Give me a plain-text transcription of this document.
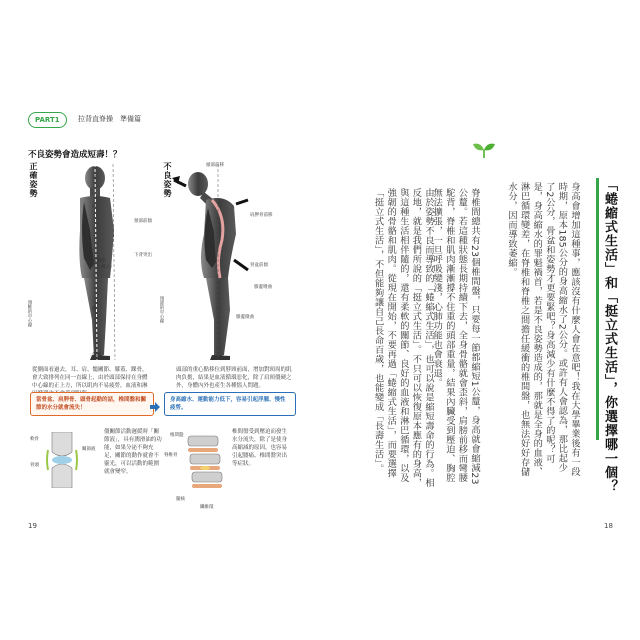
PART1	拉背直脊操　準備篇
不良姿勢會造成短壽！？
正確姿勢	耳
肩
髖關節
（大轉子）
頸椎的中心線	膝
外踝
不良姿勢	頭部前移
頸部前傾
肩胛骨前移
下背突出
骨盆前傾
膝蓋彎曲
頸部的中心線	膝蓋微曲
從側面看過去，耳、肩、髖關節、膝蓋、踝骨，會大致排列在同一直線上，由於頭部保持在身體中心線的正上方，所以肌肉不易疲勞，血液和淋
頭部的重心點移位到脖頸前面，增加對頸周的肌肉負擔，結果是血液循環惡化，除了肩頸僵硬之外，身體內外也產生各種惱人問題。
當骨盆、肩胛骨、頭骨起動的話，椎間盤和關節的水分就會流失！
身高縮水、運動能力低下，容易引起浮腫、慢性疲勞。
軟骨
關節液
骨頭
僵關節活動遲緩時「關節液」，具有潤滑油的功能，如果分泌不夠充足，關節的動作就會不靈光，可以活動的範圍就會變窄。
椎間盤
脊椎骨
髓核
纖維環
椎間盤受到壓迫而發生水分流失，除了是使身高縮減的原因，也容易引起腰痛、椎間盤突出等症狀。
19
「蜷縮式生活」和「挺立式生活」，你選擇哪一個？
身高會增加這種事，應該沒有什麼人會在意吧！我在大學畢業後有一段時期，原本185公分的身高縮水了2公分。或許有人會認為，那比起少了2公分，骨盆和姿勢才更要緊吧？身高減少有什麼不得了的呢？可是，身高縮水的罪魁禍首，若是不良姿勢造成的，那就是全身的血液、淋巴循環變差，在脊椎和脊椎之間擔任緩衝的椎間盤，也無法好好存儲水分，因而導致萎縮。
脊椎間總共有23個椎間盤，只要每一節都縮短1公釐，身高就會縮減23公釐。若這種狀態長期持續下去，全身骨骼就會歪斜，肩膀前移而彎腰駝背，脊椎和肌肉漸漸撐不住重的頭部重量，結果內臟受到壓迫、胸腔無法擴張，一旦呼吸變淺，心肺功能也會衰退。
由於姿勢不良而導致的「蜷縮式生活」，也可以說是縮短壽命的行為。相反地，就是我們所說的「挺立式生活」。不只可以恢復原本應有的身高，與這種生活相伴隨的，還有柔軟的關節、良好的血液和淋巴循環，以及強韌的骨骼和肌肉。從現在開始，不要再過「蜷縮式生活」，而要選擇「挺立式生活」，不但能夠讓自己長命百歲，也能變成「長壽生活」。
18
